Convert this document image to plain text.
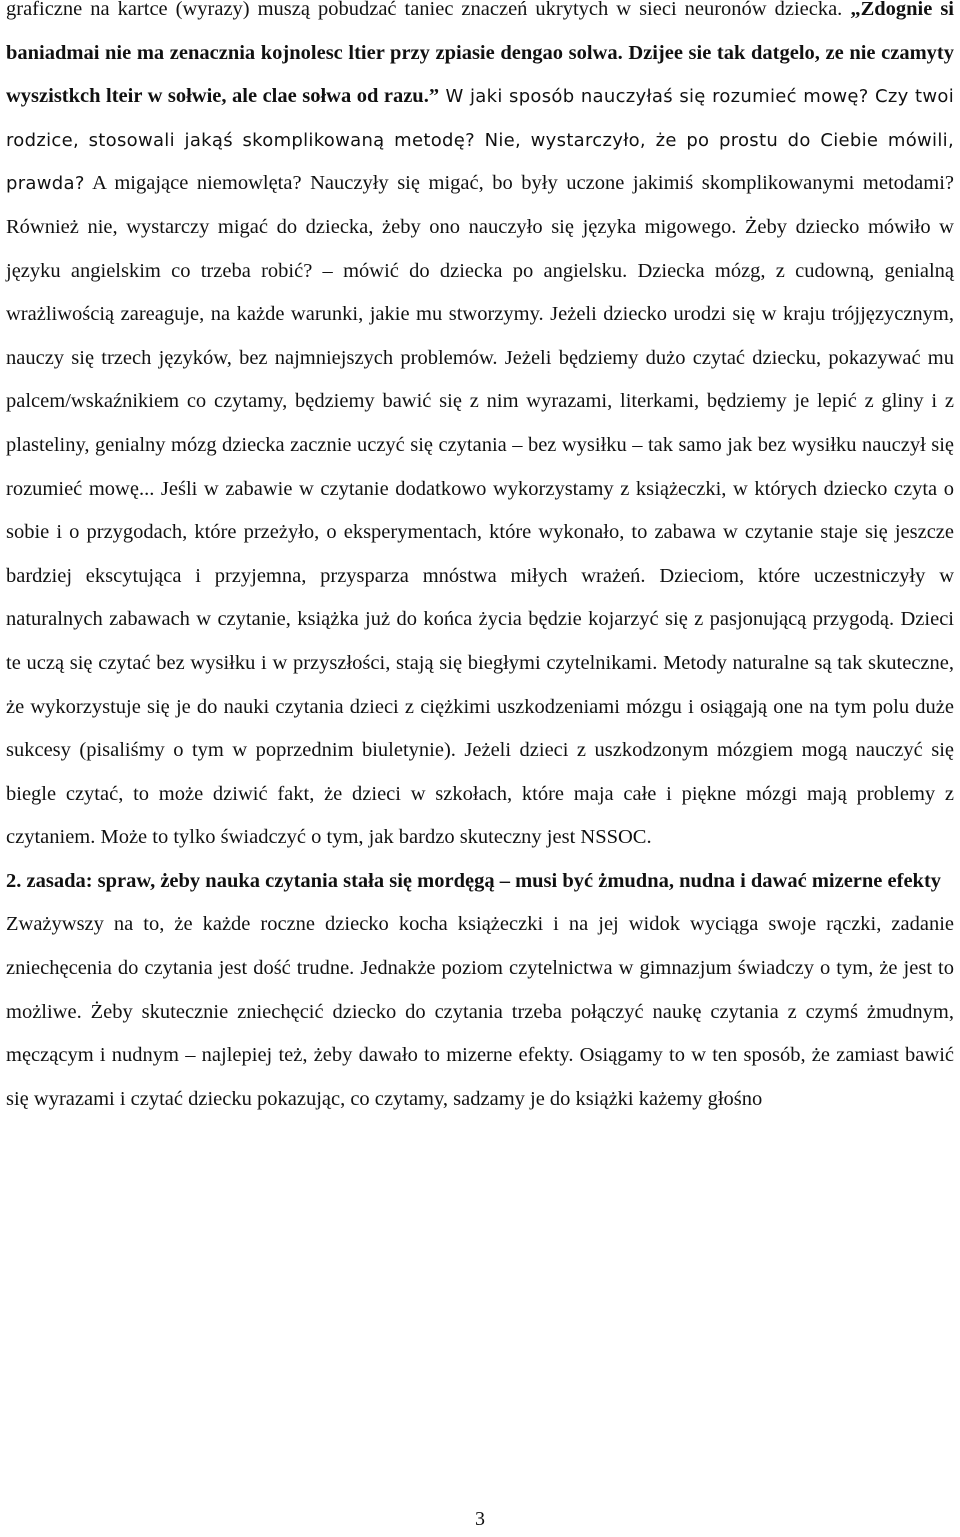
graficzne na kartce (wyrazy) muszą pobudzać taniec znaczeń ukrytych w sieci neuronów dziecka. „Zdognie si baniadmai nie ma zenacznia kojnolesc ltier przy zpiasie dengao solwa. Dzijee sie tak datgelo, ze nie czamyty wyszistkch lteir w sołwie, ale clae sołwa od razu.” W jaki sposób nauczyłaś się rozumieć mowę? Czy twoi rodzice, stosowali jakąś skomplikowaną metodę? Nie, wystarczyło, że po prostu do Ciebie mówili, prawda? A migające niemowlęta? Nauczyły się migać, bo były uczone jakimiś skomplikowanymi metodami? Również nie, wystarczy migać do dziecka, żeby ono nauczyło się języka migowego. Żeby dziecko mówiło w języku angielskim co trzeba robić? – mówić do dziecka po angielsku. Dziecka mózg, z cudowną, genialną wrażliwością zareaguje, na każde warunki, jakie mu stworzymy. Jeżeli dziecko urodzi się w kraju trójjęzycznym, nauczy się trzech języków, bez najmniejszych problemów. Jeżeli będziemy dużo czytać dziecku, pokazywać mu palcem/wskaźnikiem co czytamy, będziemy bawić się z nim wyrazami, literkami, będziemy je lepić z gliny i z plasteliny, genialny mózg dziecka zacznie uczyć się czytania – bez wysiłku – tak samo jak bez wysiłku nauczył się rozumieć mowę... Jeśli w zabawie w czytanie dodatkowo wykorzystamy z książeczki, w których dziecko czyta o sobie i o przygodach, które przeżyło, o eksperymentach, które wykonało, to zabawa w czytanie staje się jeszcze bardziej ekscytująca i przyjemna, przysparza mnóstwa miłych wrażeń. Dzieciom, które uczestniczyły w naturalnych zabawach w czytanie, książka już do końca życia będzie kojarzyć się z pasjonującą przygodą. Dzieci te uczą się czytać bez wysiłku i w przyszłości, stają się biegłymi czytelnikami. Metody naturalne są tak skuteczne, że wykorzystuje się je do nauki czytania dzieci z ciężkimi uszkodzeniami mózgu i osiągają one na tym polu duże sukcesy (pisaliśmy o tym w poprzednim biuletynie). Jeżeli dzieci z uszkodzonym mózgiem mogą nauczyć się biegle czytać, to może dziwić fakt, że dzieci w szkołach, które maja całe i piękne mózgi mają problemy z czytaniem. Może to tylko świadczyć o tym, jak bardzo skuteczny jest NSSOC.

2. zasada: spraw, żeby nauka czytania stała się mordęgą – musi być żmudna, nudna i dawać mizerne efekty

Zważywszy na to, że każde roczne dziecko kocha książeczki i na jej widok wyciąga swoje rączki, zadanie zniechęcenia do czytania jest dość trudne. Jednakże poziom czytelnictwa w gimnazjum świadczy o tym, że jest to możliwe. Żeby skutecznie zniechęcić dziecko do czytania trzeba połączyć naukę czytania z czymś żmudnym, męczącym i nudnym – najlepiej też, żeby dawało to mizerne efekty. Osiągamy to w ten sposób, że zamiast bawić się wyrazami i czytać dziecku pokazując, co czytamy, sadzamy je do książki każemy głośno

3
